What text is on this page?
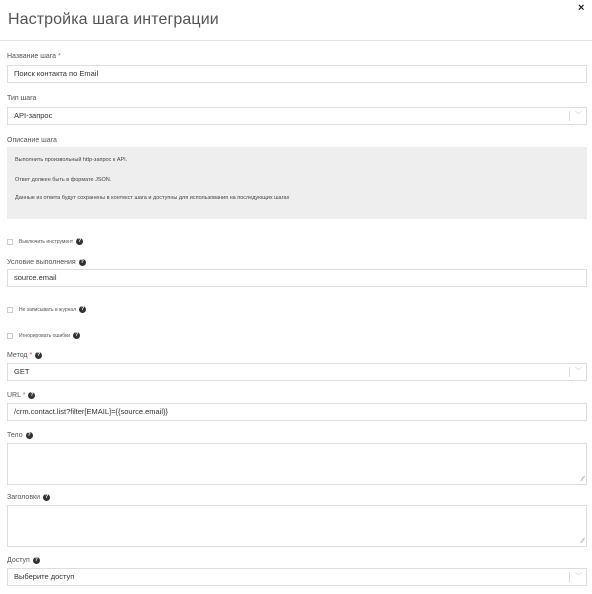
Настройка шага интеграции
×
Название шага *
Поиск контакта по Email
Тип шага
API-запрос	﹀
Описание шага
Выполнить произвольный http-запрос к API.
Ответ должен быть в формате JSON.
Данные из ответа будут сохранены в контекст шага и доступны для использования на последующих шагах
Выключить инструмент ?
Условие выполнения ?
source.email
Не записывать в журнал ?
Игнорировать ошибки ?
Метод * ?
GET	﹀
URL * ?
/crm.contact.list?filter[EMAIL]={{source.email}}
Тело ?
⁄⁄
Заголовки ?
⁄⁄
Доступ ?
Выберите доступ	﹀
